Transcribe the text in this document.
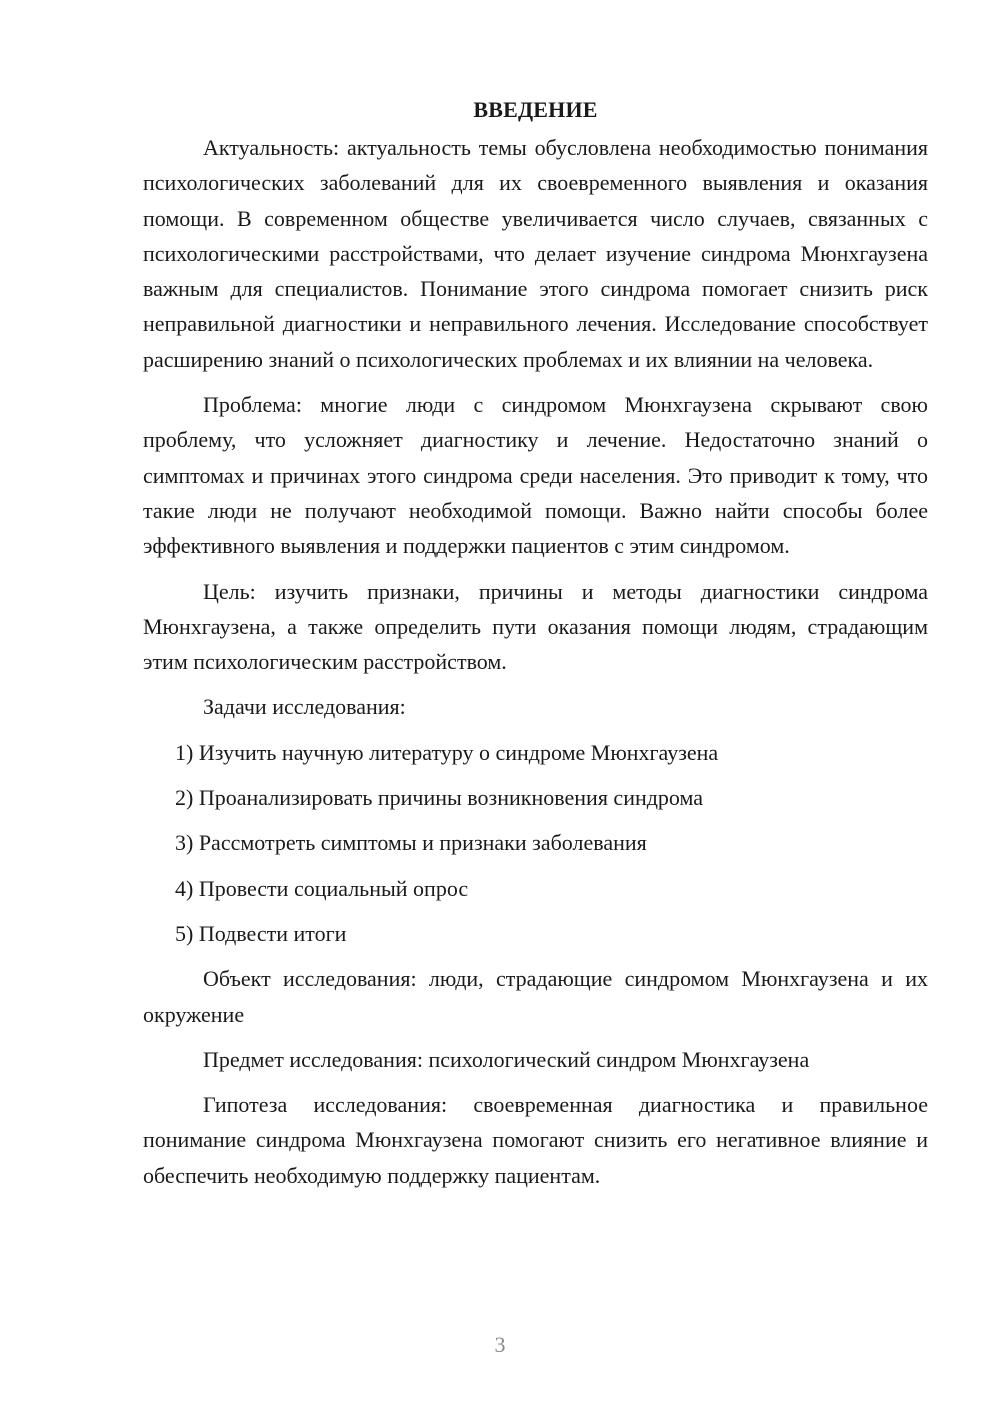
ВВЕДЕНИЕ

Актуальность: актуальность темы обусловлена необходимостью понимания психологических заболеваний для их своевременного выявления и оказания помощи. В современном обществе увеличивается число случаев, связанных с психологическими расстройствами, что делает изучение синдрома Мюнхгаузена важным для специалистов. Понимание этого синдрома помогает снизить риск неправильной диагностики и неправильного лечения. Исследование способствует расширению знаний о психологических проблемах и их влиянии на человека.

Проблема: многие люди с синдромом Мюнхгаузена скрывают свою проблему, что усложняет диагностику и лечение. Недостаточно знаний о симптомах и причинах этого синдрома среди населения. Это приводит к тому, что такие люди не получают необходимой помощи. Важно найти способы более эффективного выявления и поддержки пациентов с этим синдромом.

Цель: изучить признаки, причины и методы диагностики синдрома Мюнхгаузена, а также определить пути оказания помощи людям, страдающим этим психологическим расстройством.

Задачи исследования:

1) Изучить научную литературу о синдроме Мюнхгаузена
2) Проанализировать причины возникновения синдрома
3) Рассмотреть симптомы и признаки заболевания
4) Провести социальный опрос
5) Подвести итоги

Объект исследования: люди, страдающие синдромом Мюнхгаузена и их окружение

Предмет исследования: психологический синдром Мюнхгаузена

Гипотеза исследования: своевременная диагностика и правильное понимание синдрома Мюнхгаузена помогают снизить его негативное влияние и обеспечить необходимую поддержку пациентам.

3
